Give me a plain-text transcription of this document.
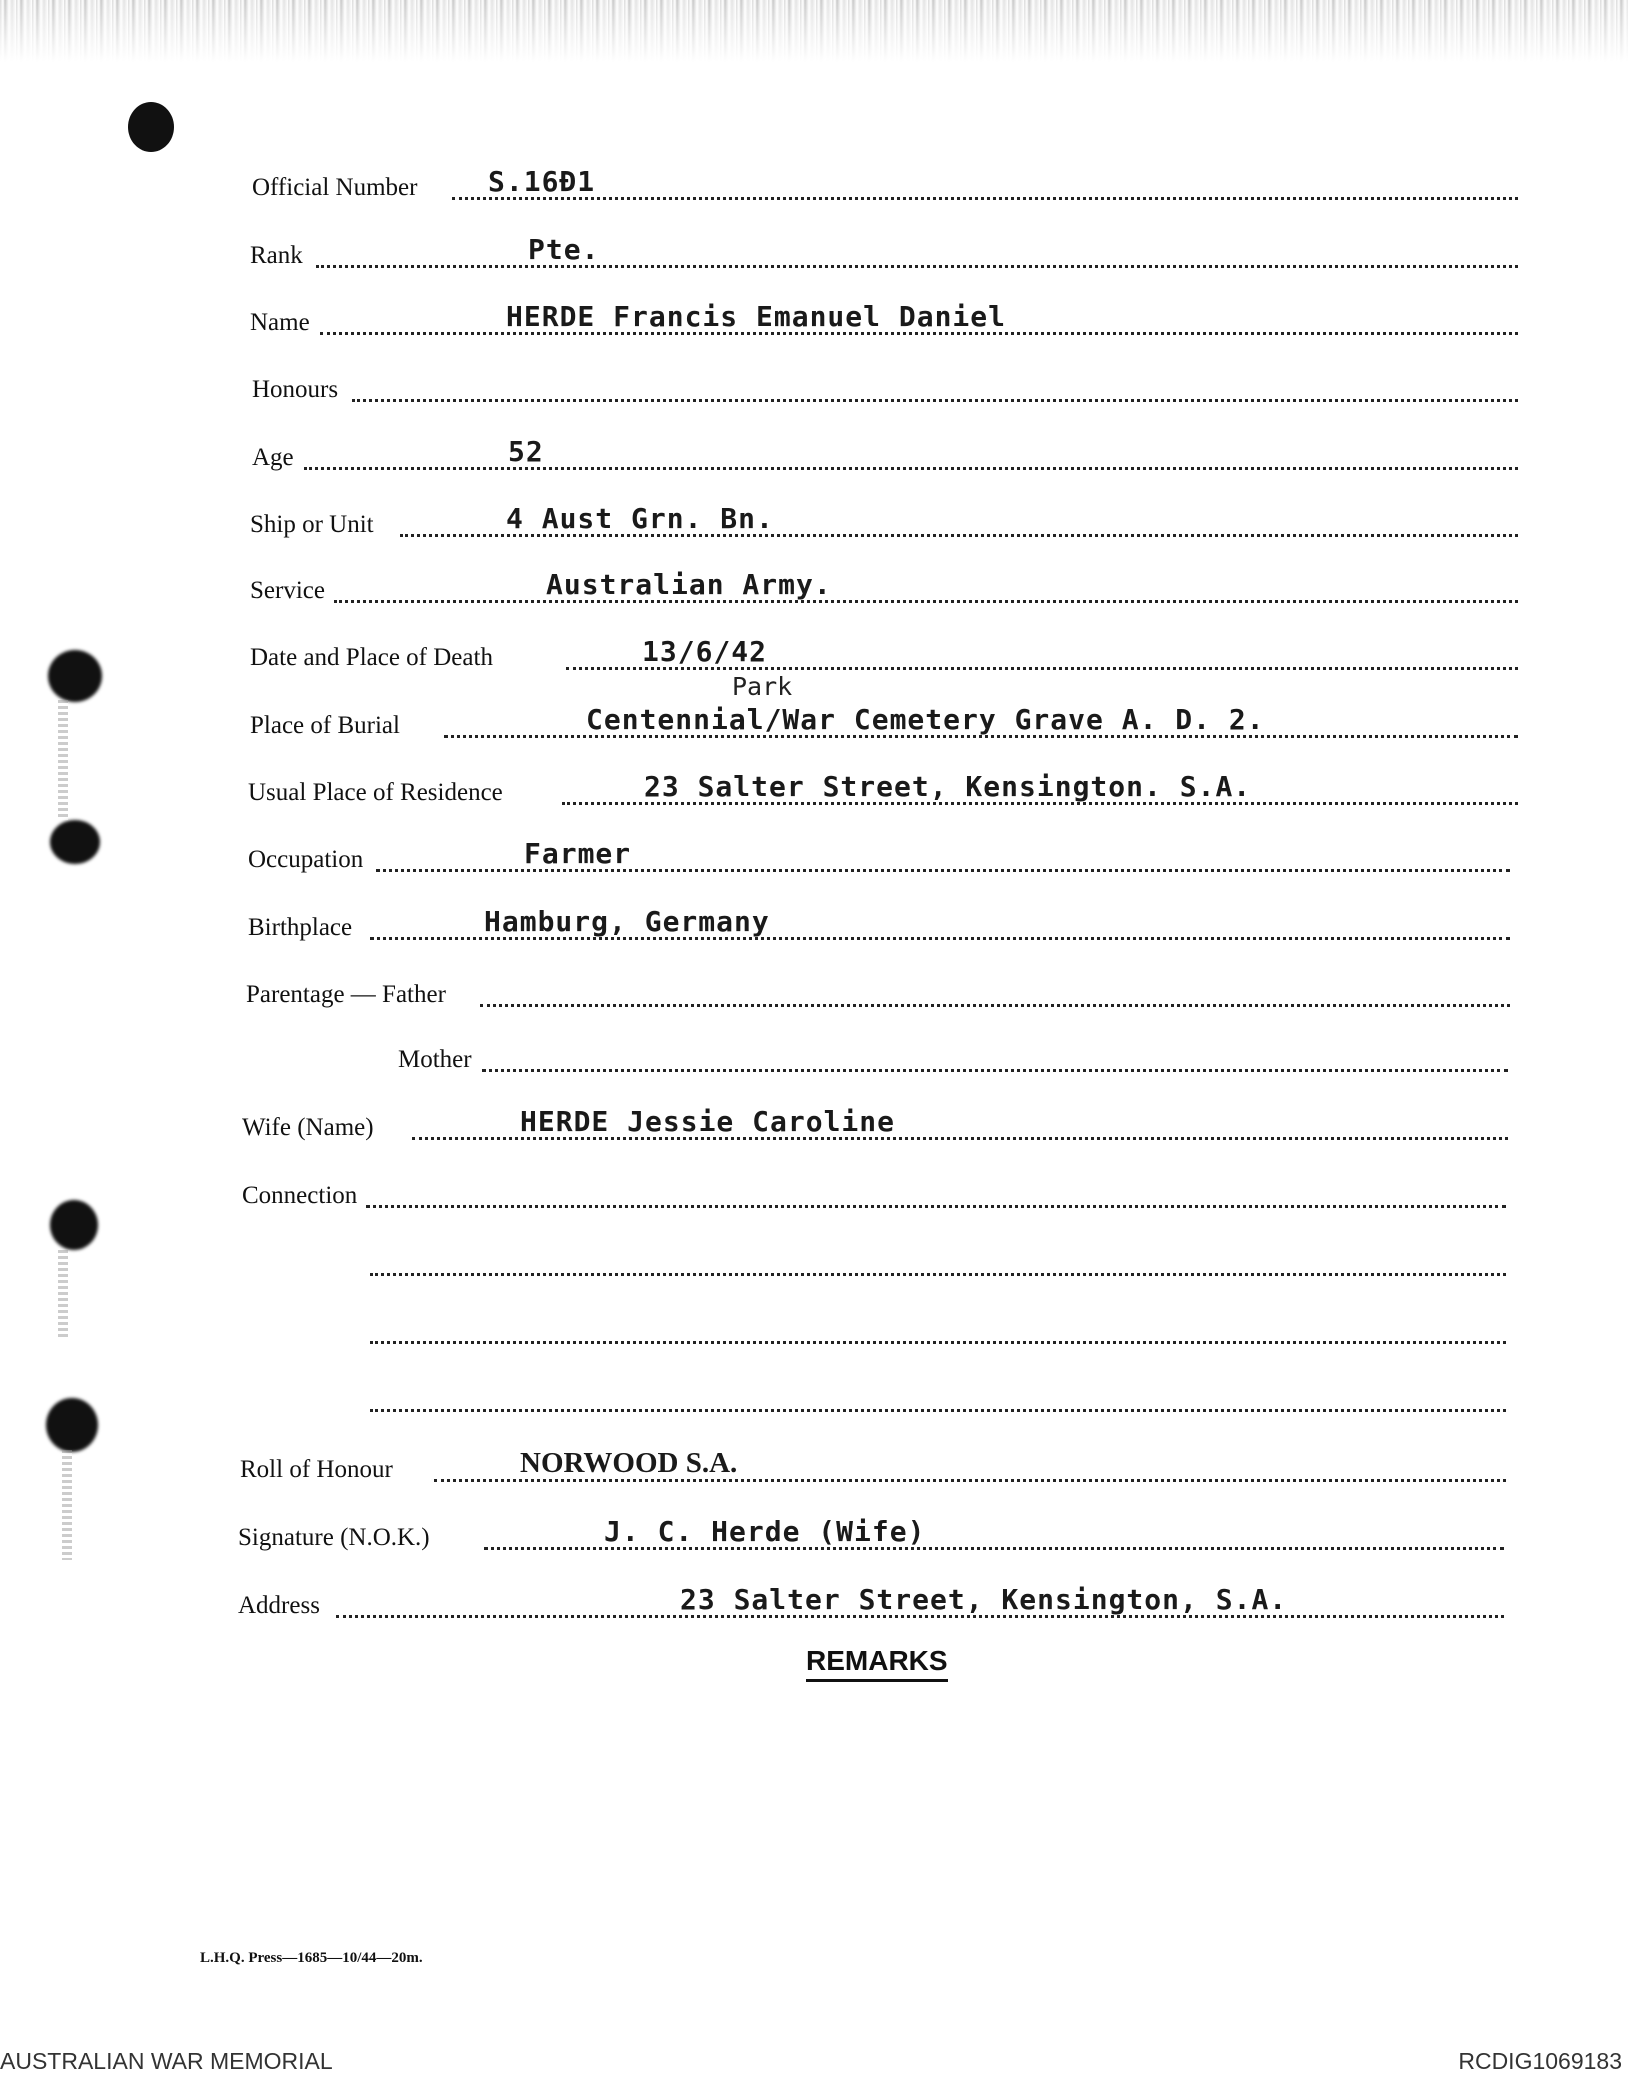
Official Number	S.16Ð1
Rank	Pte.
Name	HERDE Francis Emanuel Daniel
Honours
Age	52
Ship or Unit	4 Aust Grn. Bn.
Service	Australian Army.
Date and Place of Death	13/6/42
Park
Place of Burial	Centennial/War Cemetery Grave A. D. 2.
Usual Place of Residence	23 Salter Street, Kensington. S.A.
Occupation	Farmer
Birthplace	Hamburg, Germany
Parentage — Father
Mother
Wife (Name)	HERDE Jessie Caroline
Connection
Roll of Honour	NORWOOD S.A.
Signature (N.O.K.)	J. C. Herde (Wife)
Address	23 Salter Street, Kensington, S.A.
REMARKS
L.H.Q. Press—1685—10/44—20m.
AUSTRALIAN WAR MEMORIAL	RCDIG1069183
